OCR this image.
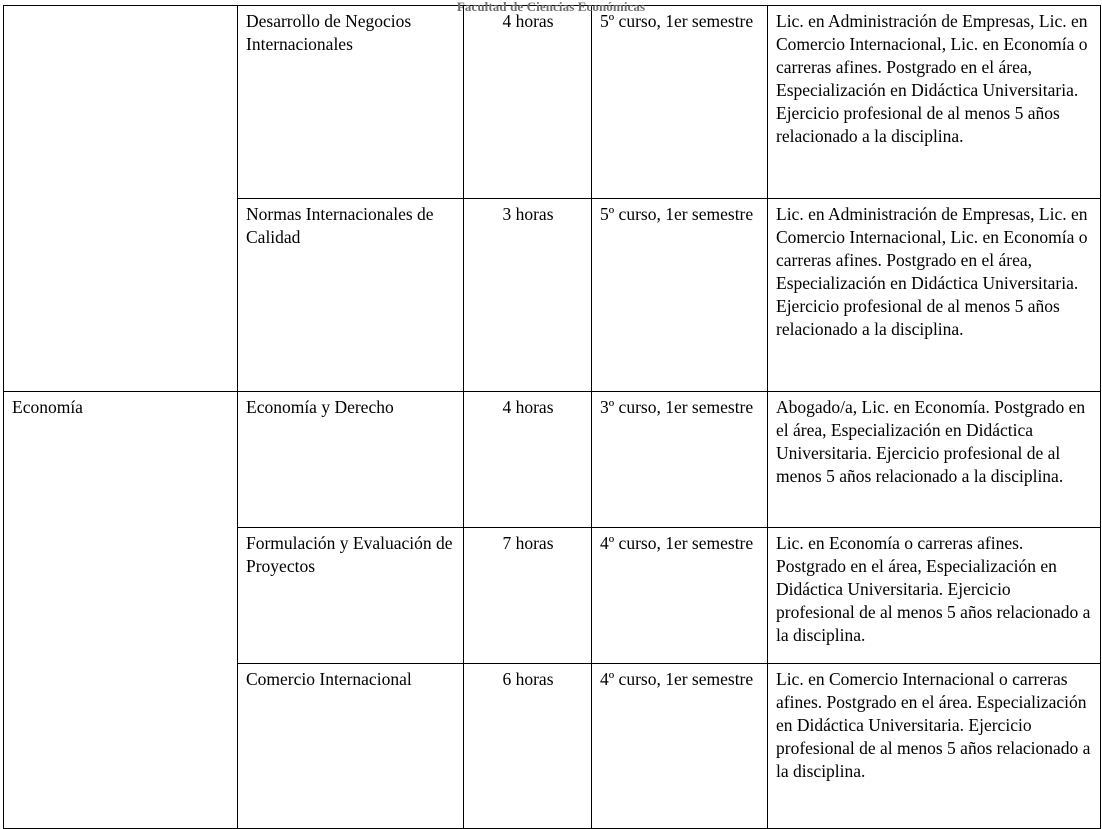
Facultad de Ciencias Económicas
	Desarrollo de Negocios Internacionales	4 horas	5º curso, 1er semestre	Lic. en Administración de Empresas, Lic. en Comercio Internacional, Lic. en Economía o carreras afines. Postgrado en el área, Especialización en Didáctica Universitaria. Ejercicio profesional de al menos 5 años relacionado a la disciplina.
	Normas Internacionales de Calidad	3 horas	5º curso, 1er semestre	Lic. en Administración de Empresas, Lic. en Comercio Internacional, Lic. en Economía o carreras afines. Postgrado en el área, Especialización en Didáctica Universitaria. Ejercicio profesional de al menos 5 años relacionado a la disciplina.
Economía	Economía y Derecho	4 horas	3º curso, 1er semestre	Abogado/a, Lic. en Economía. Postgrado en el área, Especialización en Didáctica Universitaria. Ejercicio profesional de al menos 5 años relacionado a la disciplina.
	Formulación y Evaluación de Proyectos	7 horas	4º curso, 1er semestre	Lic. en Economía o carreras afines. Postgrado en el área, Especialización en Didáctica Universitaria. Ejercicio profesional de al menos 5 años relacionado a la disciplina.
	Comercio Internacional	6 horas	4º curso, 1er semestre	Lic. en Comercio Internacional o carreras afines. Postgrado en el área. Especialización en Didáctica Universitaria. Ejercicio profesional de al menos 5 años relacionado a la disciplina.
